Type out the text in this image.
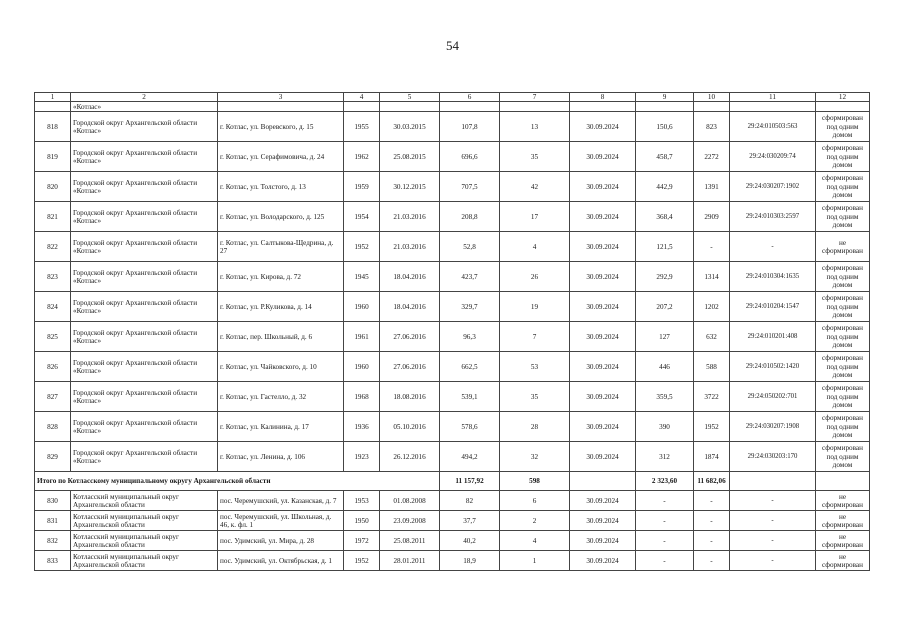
54
1	2	3	4	5	6	7	8	9	10	11	12
	«Котлас»										
818	Городской округ Архангельской области «Котлас»	г. Котлас, ул. Воревского, д. 15	1955	30.03.2015	107,8	13	30.09.2024	150,6	823	29:24:010503:563	сформирован под одним домом
819	Городской округ Архангельской области «Котлас»	г. Котлас, ул. Серафимовича, д. 24	1962	25.08.2015	696,6	35	30.09.2024	458,7	2272	29:24:030209:74	сформирован под одним домом
820	Городской округ Архангельской области «Котлас»	г. Котлас, ул. Толстого, д. 13	1959	30.12.2015	707,5	42	30.09.2024	442,9	1391	29:24:030207:1902	сформирован под одним домом
821	Городской округ Архангельской области «Котлас»	г. Котлас, ул. Володарского, д. 125	1954	21.03.2016	208,8	17	30.09.2024	368,4	2909	29:24:010303:2597	сформирован под одним домом
822	Городской округ Архангельской области «Котлас»	г. Котлас, ул. Салтыкова-Щедрина, д. 27	1952	21.03.2016	52,8	4	30.09.2024	121,5	-	-	не сформирован
823	Городской округ Архангельской области «Котлас»	г. Котлас, ул. Кирова, д. 72	1945	18.04.2016	423,7	26	30.09.2024	292,9	1314	29:24:010304:1635	сформирован под одним домом
824	Городской округ Архангельской области «Котлас»	г. Котлас, ул. Р.Куликова, д. 14	1960	18.04.2016	329,7	19	30.09.2024	207,2	1202	29:24:010204:1547	сформирован под одним домом
825	Городской округ Архангельской области «Котлас»	г. Котлас, пер. Школьный, д. 6	1961	27.06.2016	96,3	7	30.09.2024	127	632	29:24:010201:408	сформирован под одним домом
826	Городской округ Архангельской области «Котлас»	г. Котлас, ул. Чайковского, д. 10	1960	27.06.2016	662,5	53	30.09.2024	446	588	29:24:010502:1420	сформирован под одним домом
827	Городской округ Архангельской области «Котлас»	г. Котлас, ул. Гастелло, д. 32	1968	18.08.2016	539,1	35	30.09.2024	359,5	3722	29:24:050202:701	сформирован под одним домом
828	Городской округ Архангельской области «Котлас»	г. Котлас, ул. Калинина, д. 17	1936	05.10.2016	578,6	28	30.09.2024	390	1952	29:24:030207:1908	сформирован под одним домом
829	Городской округ Архангельской области «Котлас»	г. Котлас, ул. Ленина, д. 106	1923	26.12.2016	494,2	32	30.09.2024	312	1874	29:24:030203:170	сформирован под одним домом
Итого по Котласскому муниципальному округу Архангельской области					11 157,92	598		2 323,60	11 682,06		
830	Котласский муниципальный округ Архангельской области	пос. Черемушский, ул. Казанская, д. 7	1953	01.08.2008	82	6	30.09.2024	-	-	-	не сформирован
831	Котласский муниципальный округ Архангельской области	пос. Черемушский, ул. Школьная, д. 46, к. фл. 1	1950	23.09.2008	37,7	2	30.09.2024	-	-	-	не сформирован
832	Котласский муниципальный округ Архангельской области	пос. Удимский, ул. Мира, д. 28	1972	25.08.2011	40,2	4	30.09.2024	-	-	-	не сформирован
833	Котласский муниципальный округ Архангельской области	пос. Удимский, ул. Октябрьская, д. 1	1952	28.01.2011	18,9	1	30.09.2024	-	-	-	не сформирован
